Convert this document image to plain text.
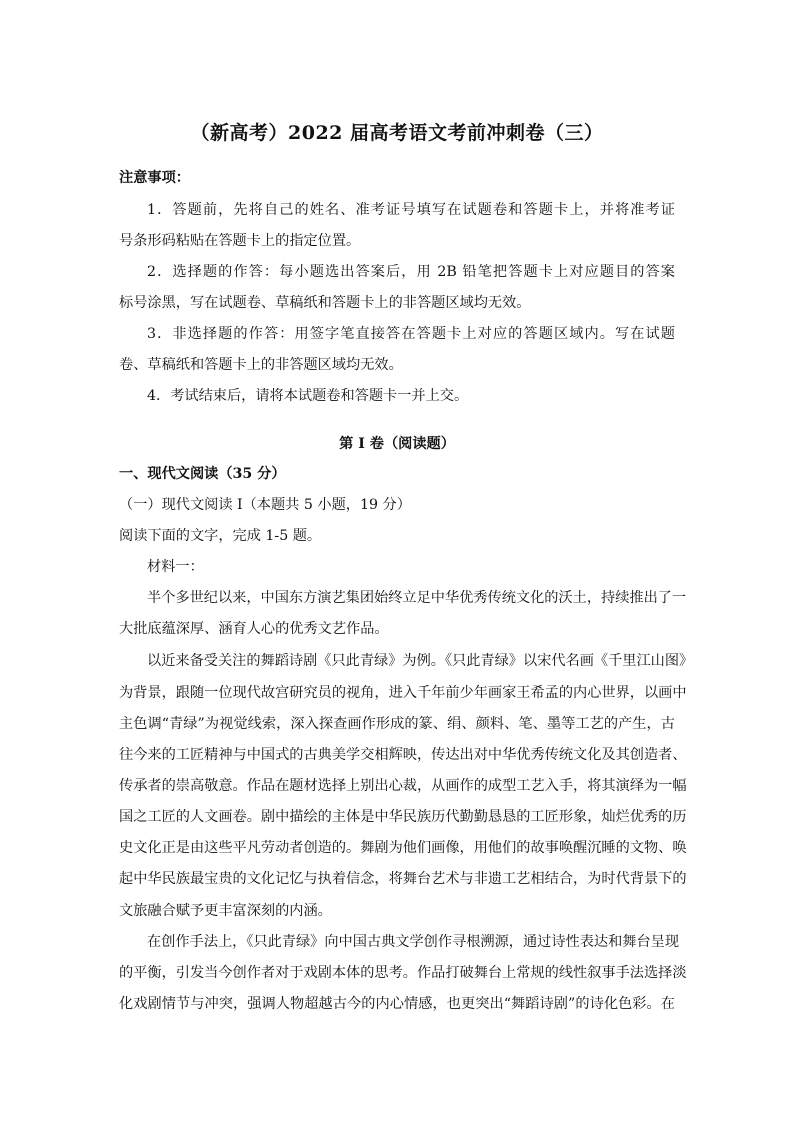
（新高考）2022 届高考语文考前冲刺卷（三）
注意事项：
1．答题前，先将自己的姓名、准考证号填写在试题卷和答题卡上，并将准考证
号条形码粘贴在答题卡上的指定位置。
2．选择题的作答：每小题选出答案后，用 2B 铅笔把答题卡上对应题目的答案
标号涂黑，写在试题卷、草稿纸和答题卡上的非答题区域均无效。
3．非选择题的作答：用签字笔直接答在答题卡上对应的答题区域内。写在试题
卷、草稿纸和答题卡上的非答题区域均无效。
4．考试结束后，请将本试题卷和答题卡一并上交。
第 I 卷（阅读题）
一、现代文阅读（35 分）
（一）现代文阅读 I（本题共 5 小题，19 分）
阅读下面的文字，完成 1-5 题。
材料一：
半个多世纪以来，中国东方演艺集团始终立足中华优秀传统文化的沃土，持续推出了一
大批底蕴深厚、涵育人心的优秀文艺作品。
以近来备受关注的舞蹈诗剧《只此青绿》为例。《只此青绿》以宋代名画《千里江山图》
为背景，跟随一位现代故宫研究员的视角，进入千年前少年画家王希孟的内心世界，以画中
主色调“青绿”为视觉线索，深入探查画作形成的篆、绢、颜料、笔、墨等工艺的产生，古
往今来的工匠精神与中国式的古典美学交相辉映，传达出对中华优秀传统文化及其创造者、
传承者的崇高敬意。作品在题材选择上别出心裁，从画作的成型工艺入手，将其演绎为一幅
国之工匠的人文画卷。剧中描绘的主体是中华民族历代勤勤恳恳的工匠形象，灿烂优秀的历
史文化正是由这些平凡劳动者创造的。舞剧为他们画像，用他们的故事唤醒沉睡的文物、唤
起中华民族最宝贵的文化记忆与执着信念，将舞台艺术与非遗工艺相结合，为时代背景下的
文旅融合赋予更丰富深刻的内涵。
在创作手法上，《只此青绿》向中国古典文学创作寻根溯源，通过诗性表达和舞台呈现
的平衡，引发当今创作者对于戏剧本体的思考。作品打破舞台上常规的线性叙事手法选择淡
化戏剧情节与冲突，强调人物超越古今的内心情感，也更突出“舞蹈诗剧”的诗化色彩。在
